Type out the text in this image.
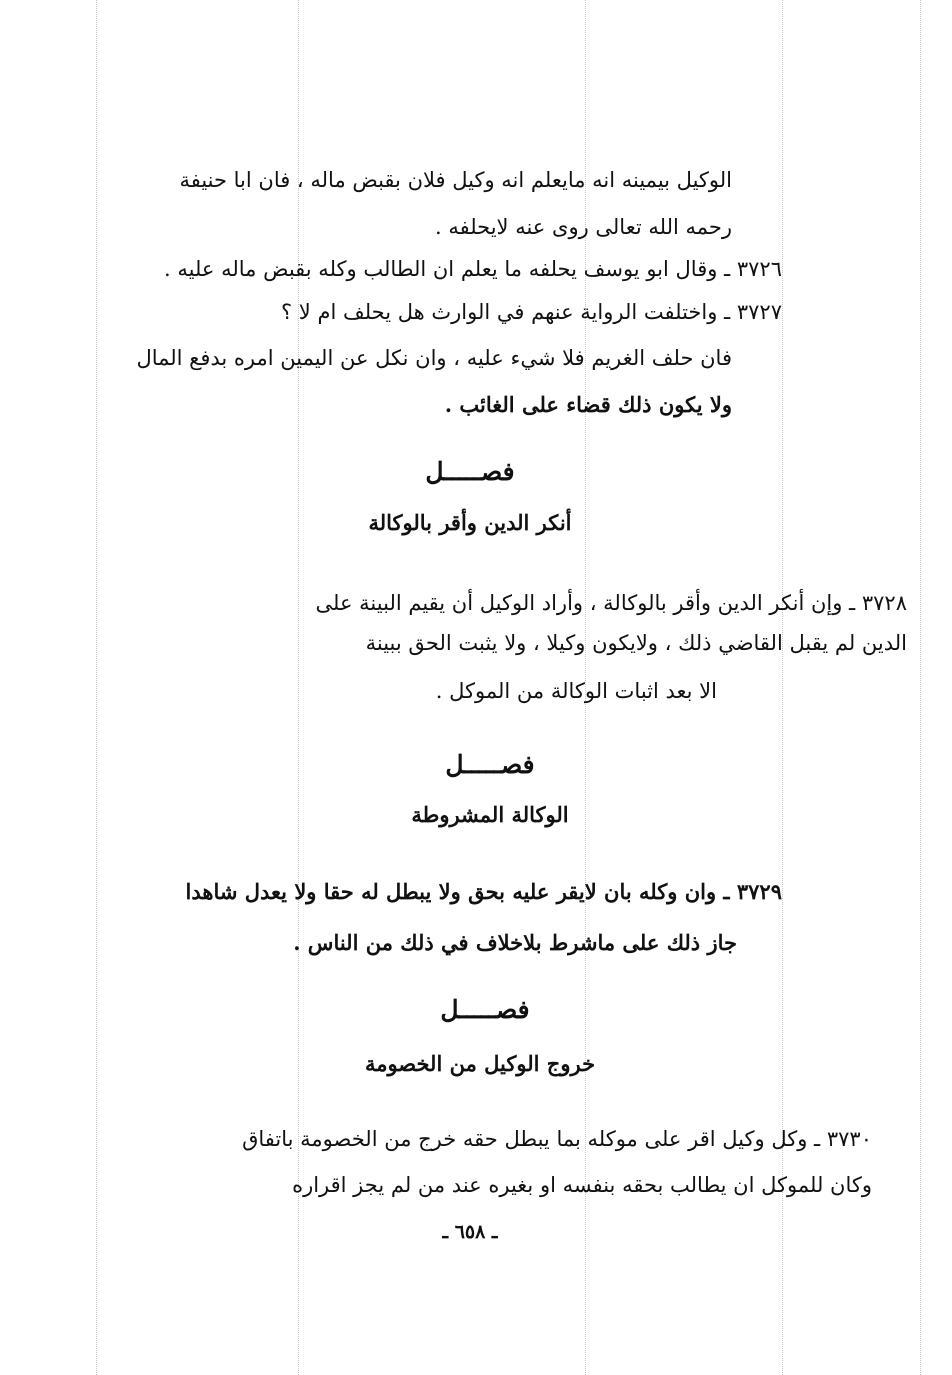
الوكيل بيمينه انه مايعلم انه وكيل فلان بقبض ماله ، فان ابا حنيفة
رحمه الله تعالى روى عنه لايحلفه .
٣٧٢٦ ـ وقال ابو يوسف يحلفه ما يعلم ان الطالب وكله بقبض ماله عليه .
٣٧٢٧ ـ واختلفت الرواية عنهم في الوارث هل يحلف ام لا ؟
فان حلف الغريم فلا شيء عليه ، وان نكل عن اليمين امره بدفع المال
ولا يكون ذلك قضاء على الغائب .
فصـــــل
أنكر الدين وأقر بالوكالة
٣٧٢٨ ـ وإن أنكر الدين وأقر بالوكالة ، وأراد الوكيل أن يقيم البينة على
الدين لم يقبل القاضي ذلك ، ولايكون وكيلا ، ولا يثبت الحق ببينة
الا بعد اثبات الوكالة من الموكل .
فصـــــل
الوكالة المشروطة
٣٧٢٩ ـ وان وكله بان لايقر عليه بحق ولا يبطل له حقا ولا يعدل شاهدا
جاز ذلك على ماشرط بلاخلاف في ذلك من الناس .
فصـــــل
خروج الوكيل من الخصومة
٣٧٣٠ ـ وكل وكيل اقر على موكله بما يبطل حقه خرج من الخصومة باتفاق
وكان للموكل ان يطالب بحقه بنفسه او بغيره عند من لم يجز اقراره
ـ ٦٥٨ ـ
